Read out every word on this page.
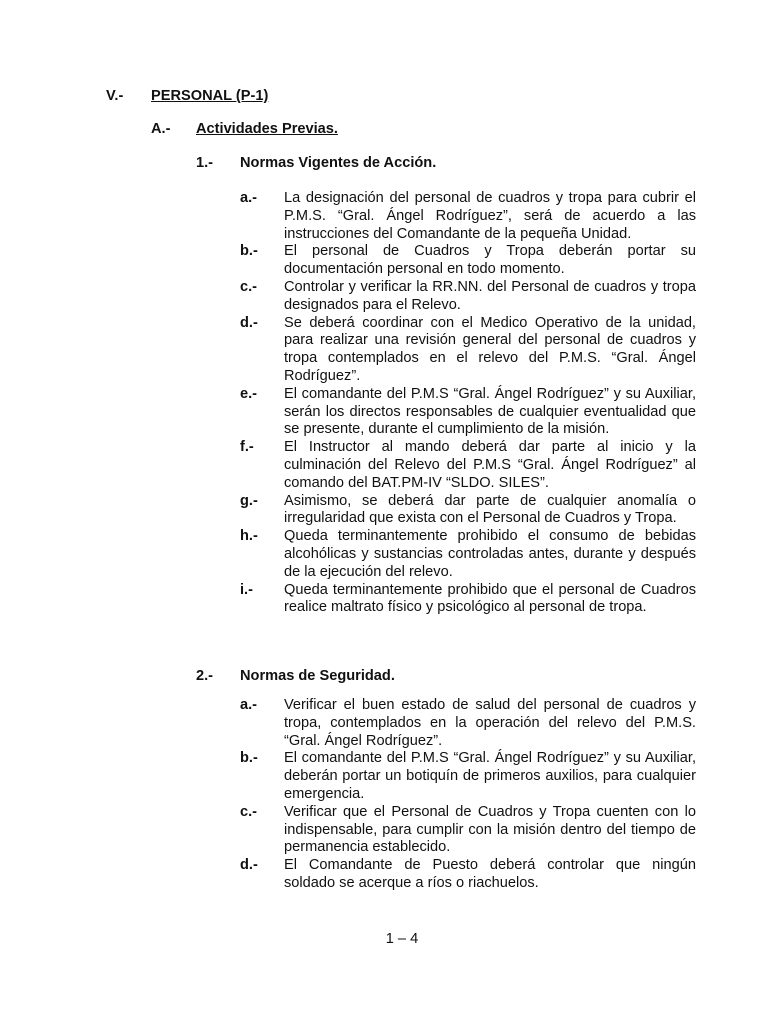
V.- PERSONAL (P-1)
A.- Actividades Previas.
1.- Normas Vigentes de Acción.
a.-	La designación del personal de cuadros y tropa para cubrir el P.M.S. “Gral. Ángel Rodríguez”, será de acuerdo a las instrucciones del Comandante de la pequeña Unidad.
b.-	El personal de Cuadros y Tropa deberán portar su documentación personal en todo momento.
c.-	Controlar y verificar la RR.NN. del Personal de cuadros y tropa designados para el Relevo.
d.-	Se deberá coordinar con el Medico Operativo de la unidad, para realizar una revisión general del personal de cuadros y tropa contemplados en el relevo del P.M.S. “Gral. Ángel Rodríguez”.
e.-	El comandante del P.M.S “Gral. Ángel Rodríguez” y su Auxiliar, serán los directos responsables de cualquier eventualidad que se presente, durante el cumplimiento de la misión.
f.-	El Instructor al mando deberá dar parte al inicio y la culminación del Relevo del P.M.S “Gral. Ángel Rodríguez” al comando del BAT.PM-IV “SLDO. SILES”.
g.-	Asimismo, se deberá dar parte de cualquier anomalía o irregularidad que exista con el Personal de Cuadros y Tropa.
h.-	Queda terminantemente prohibido el consumo de bebidas alcohólicas y sustancias controladas antes, durante y después de la ejecución del relevo.
i.-	Queda terminantemente prohibido que el personal de Cuadros realice maltrato físico y psicológico al personal de tropa.
2.- Normas de Seguridad.
a.-	Verificar el buen estado de salud del personal de cuadros y tropa, contemplados en la operación del relevo del P.M.S. “Gral. Ángel Rodríguez”.
b.-	El comandante del P.M.S “Gral. Ángel Rodríguez” y su Auxiliar, deberán portar un botiquín de primeros auxilios, para cualquier emergencia.
c.-	Verificar que el Personal de Cuadros y Tropa cuenten con lo indispensable, para cumplir con la misión dentro del tiempo de permanencia establecido.
d.-	El Comandante de Puesto deberá controlar que ningún soldado se acerque a ríos o riachuelos.
1 – 4
